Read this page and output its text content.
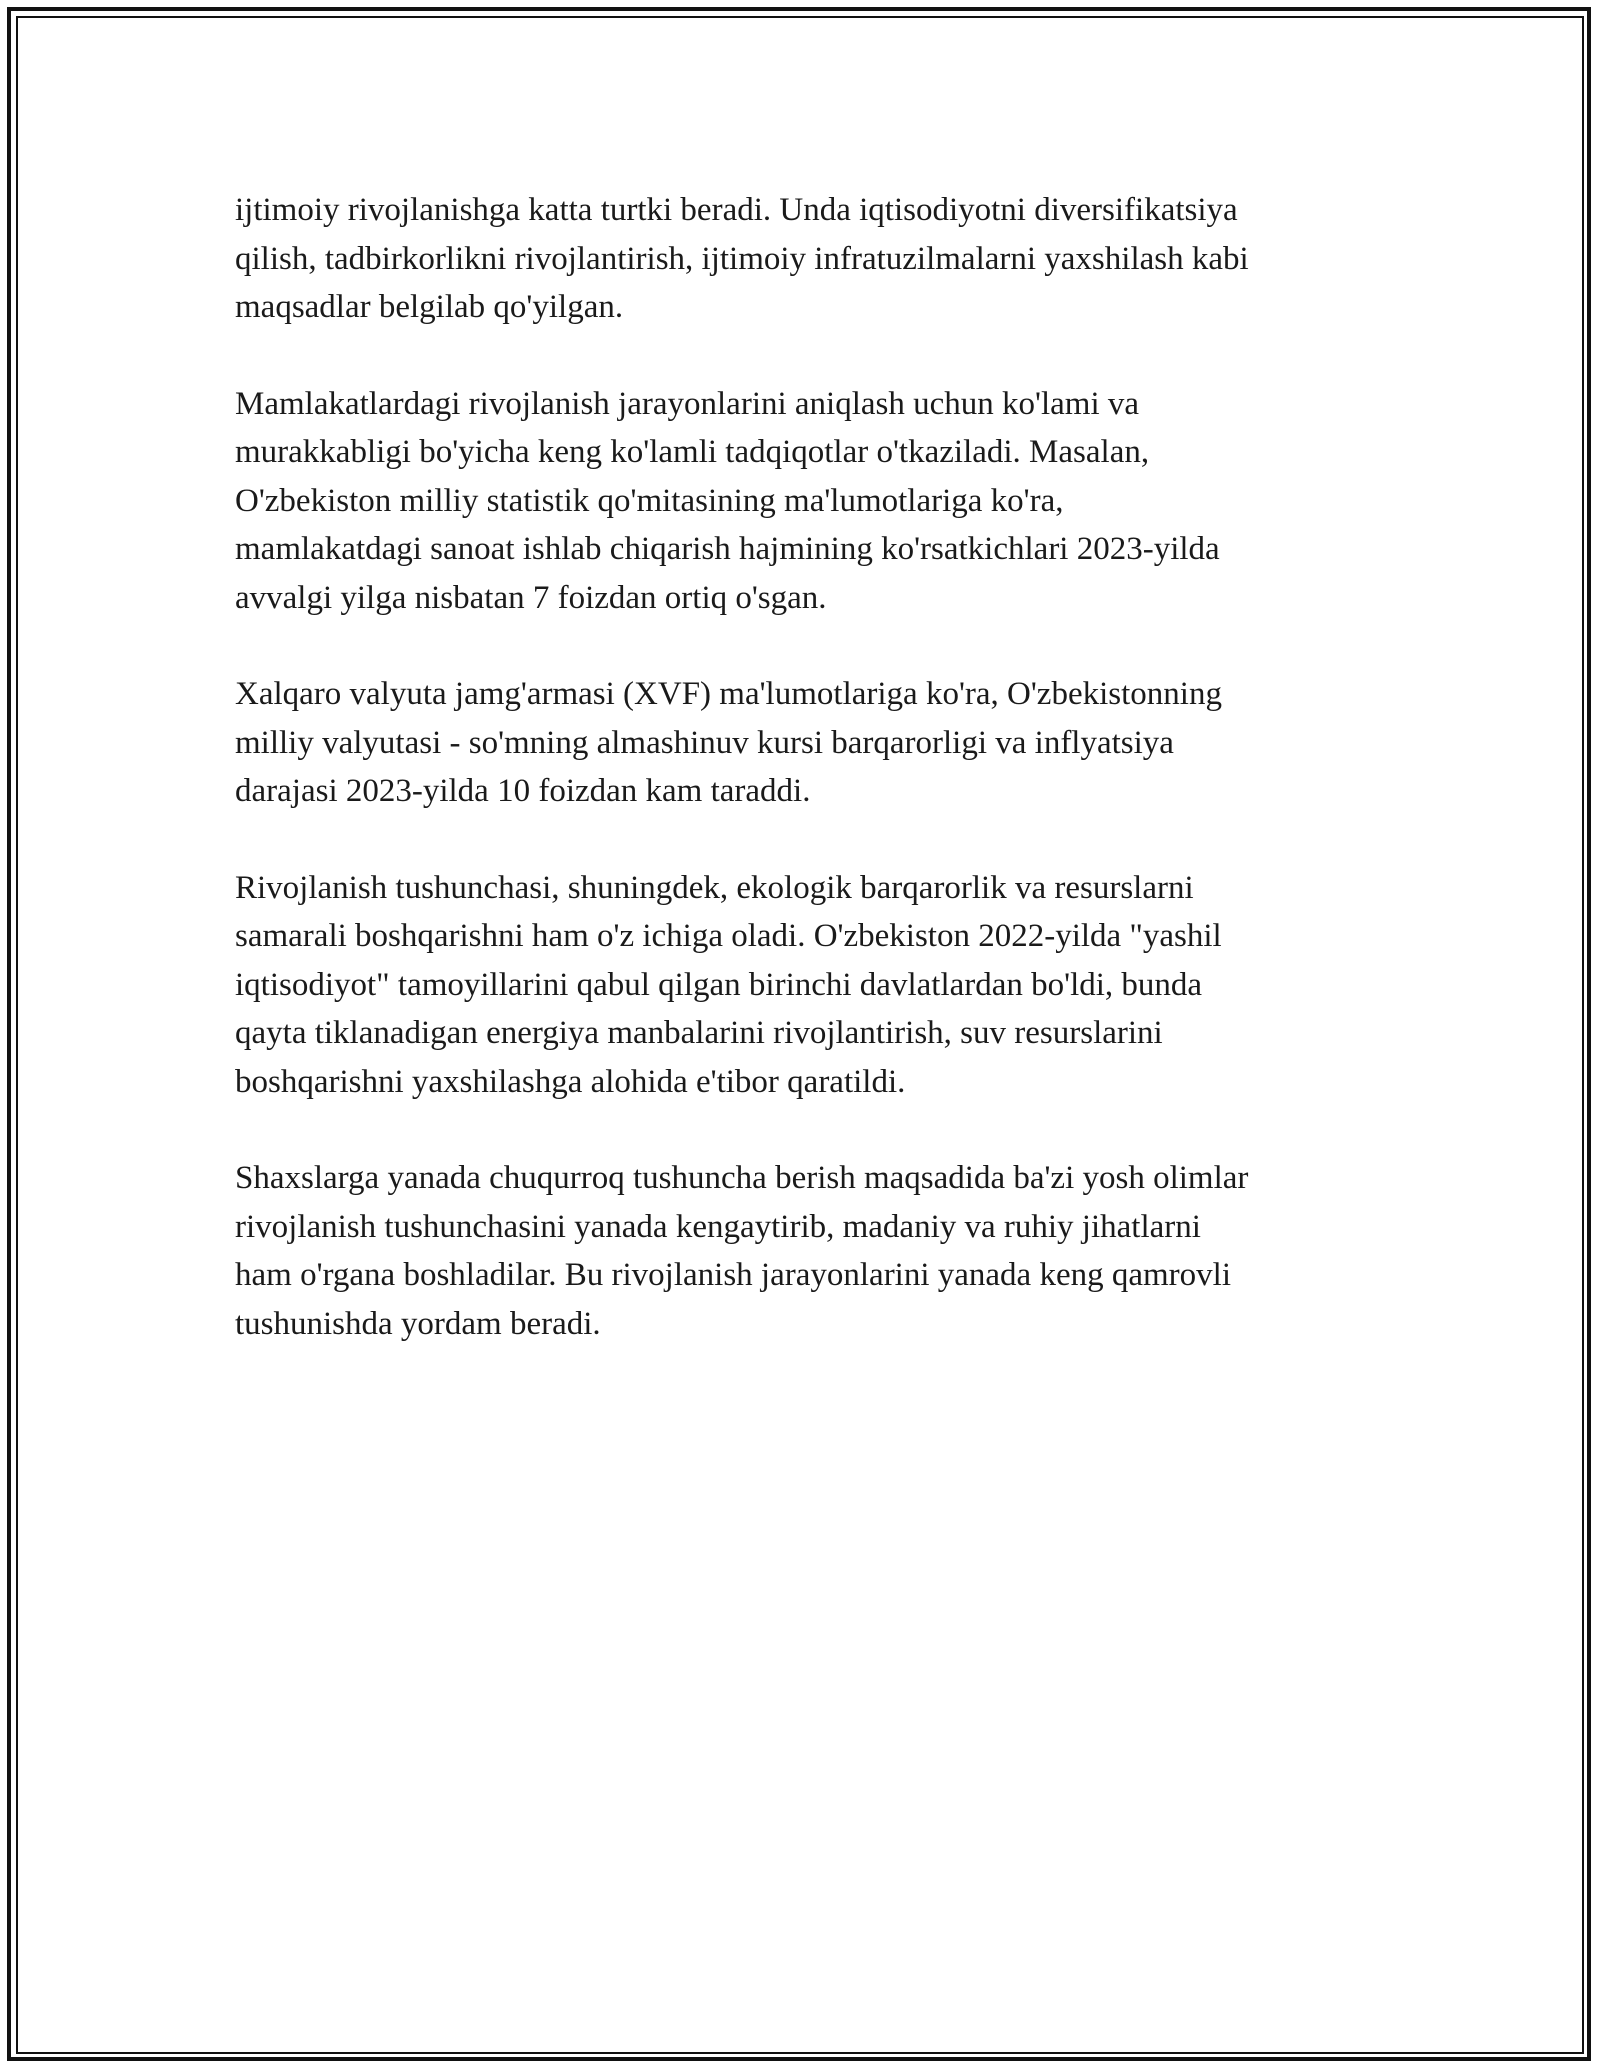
ijtimoiy rivojlanishga katta turtki beradi. Unda iqtisodiyotni diversifikatsiya
qilish, tadbirkorlikni rivojlantirish, ijtimoiy infratuzilmalarni yaxshilash kabi
maqsadlar belgilab qo'yilgan.

Mamlakatlardagi rivojlanish jarayonlarini aniqlash uchun ko'lami va
murakkabligi bo'yicha keng ko'lamli tadqiqotlar o'tkaziladi. Masalan,
O'zbekiston milliy statistik qo'mitasining ma'lumotlariga ko'ra,
mamlakatdagi sanoat ishlab chiqarish hajmining ko'rsatkichlari 2023-yilda
avvalgi yilga nisbatan 7 foizdan ortiq o'sgan.

Xalqaro valyuta jamg'armasi (XVF) ma'lumotlariga ko'ra, O'zbekistonning
milliy valyutasi - so'mning almashinuv kursi barqarorligi va inflyatsiya
darajasi 2023-yilda 10 foizdan kam taraddi.

Rivojlanish tushunchasi, shuningdek, ekologik barqarorlik va resurslarni
samarali boshqarishni ham o'z ichiga oladi. O'zbekiston 2022-yilda "yashil
iqtisodiyot" tamoyillarini qabul qilgan birinchi davlatlardan bo'ldi, bunda
qayta tiklanadigan energiya manbalarini rivojlantirish, suv resurslarini
boshqarishni yaxshilashga alohida e'tibor qaratildi.

Shaxslarga yanada chuqurroq tushuncha berish maqsadida ba'zi yosh olimlar
rivojlanish tushunchasini yanada kengaytirib, madaniy va ruhiy jihatlarni
ham o'rgana boshladilar. Bu rivojlanish jarayonlarini yanada keng qamrovli
tushunishda yordam beradi.
